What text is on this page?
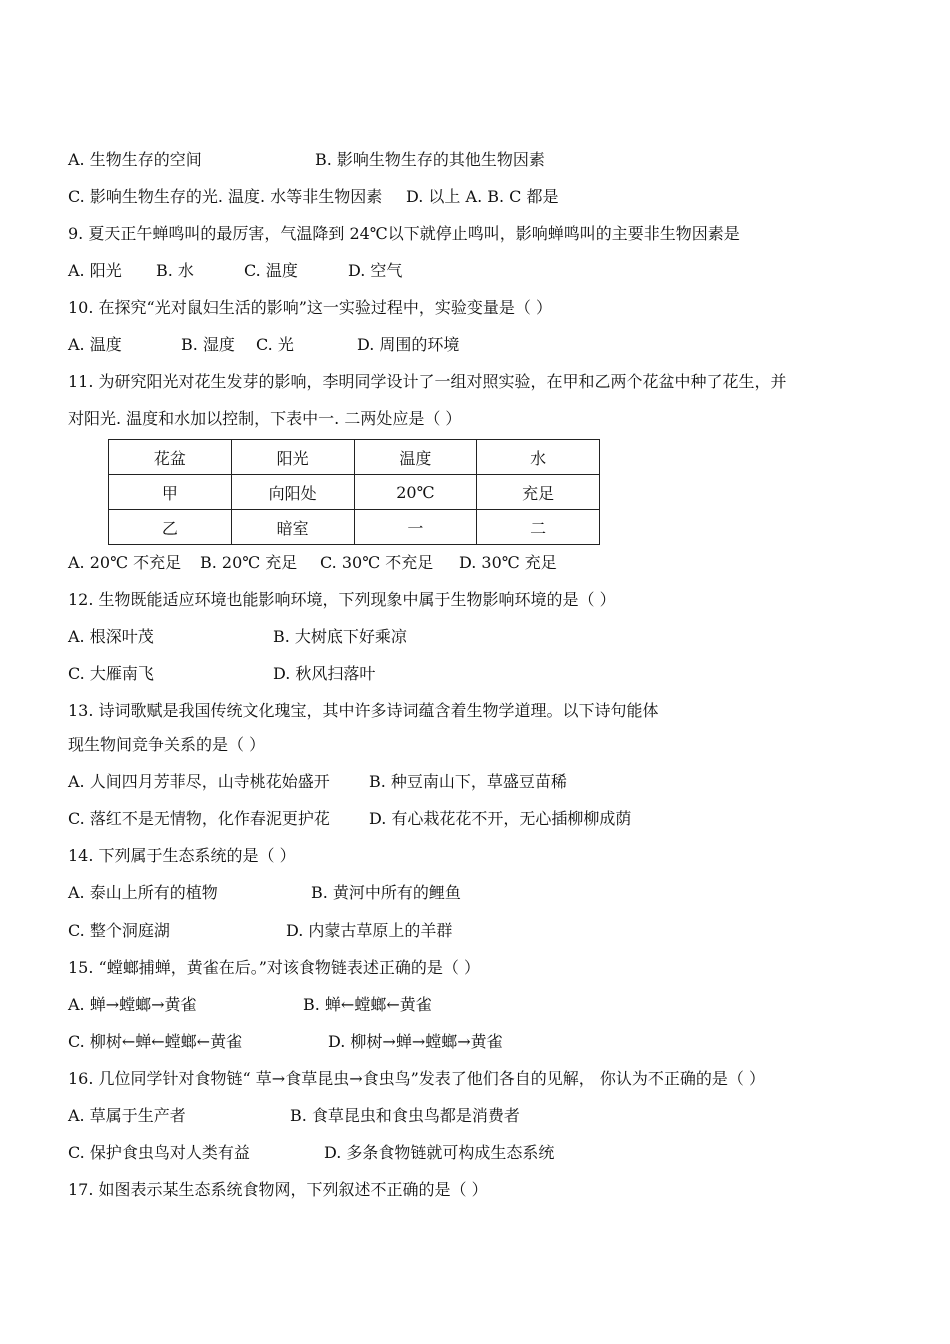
A. 生物生存的空间	B. 影响生物生存的其他生物因素
C. 影响生物生存的光. 温度. 水等非生物因素 D. 以上 A. B. C 都是
9. 夏天正午蝉鸣叫的最厉害，气温降到 24℃以下就停止鸣叫，影响蝉鸣叫的主要非生物因素是
A. 阳光 B. 水	C. 温度	D. 空气
10. 在探究“光对鼠妇生活的影响”这一实验过程中，实验变量是（ ）
A. 温度	B. 湿度 C. 光	D. 周围的环境
11. 为研究阳光对花生发芽的影响，李明同学设计了一组对照实验，在甲和乙两个花盆中种了花生，并
对阳光. 温度和水加以控制，下表中一. 二两处应是（ ）
花盆	阳光	温度	水
甲	向阳处	20℃	充足
乙	暗室	一	二
A. 20℃ 不充足 B. 20℃ 充足 C. 30℃ 不充足 D. 30℃ 充足
12. 生物既能适应环境也能影响环境，下列现象中属于生物影响环境的是（ ）
A. 根深叶茂	B. 大树底下好乘凉
C. 大雁南飞	D. 秋风扫落叶
13. 诗词歌赋是我国传统文化瑰宝，其中许多诗词蕴含着生物学道理。以下诗句能体
现生物间竞争关系的是（ ）
A. 人间四月芳菲尽，山寺桃花始盛开 B. 种豆南山下，草盛豆苗稀
C. 落红不是无情物，化作春泥更护花 D. 有心栽花花不开，无心插柳柳成荫
14. 下列属于生态系统的是（ ）
A. 泰山上所有的植物	B. 黄河中所有的鲤鱼
C. 整个洞庭湖	D. 内蒙古草原上的羊群
15. “螳螂捕蝉，黄雀在后。”对该食物链表述正确的是（ ）
A. 蝉→螳螂→黄雀	B. 蝉←螳螂←黄雀
C. 柳树←蝉←螳螂←黄雀	D. 柳树→蝉→螳螂→黄雀
16. 几位同学针对食物链“ 草→食草昆虫→食虫鸟”发表了他们各自的见解， 你认为不正确的是（ ）
A. 草属于生产者	B. 食草昆虫和食虫鸟都是消费者
C. 保护食虫鸟对人类有益	D. 多条食物链就可构成生态系统
17. 如图表示某生态系统食物网，下列叙述不正确的是（ ）
